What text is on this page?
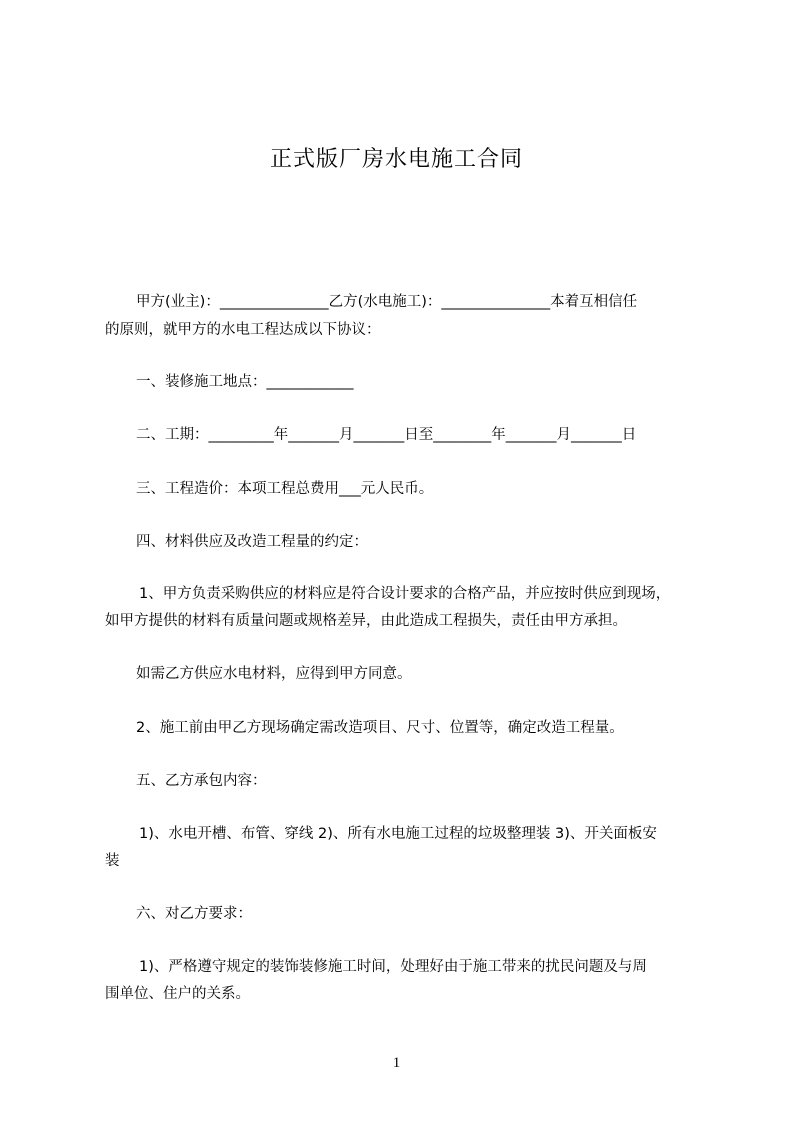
正式版厂房水电施工合同
甲方(业主)：_______________乙方(水电施工)：_______________本着互相信任
的原则，就甲方的水电工程达成以下协议：
一、装修施工地点：____________
二、工期：_________年_______月_______日至________年_______月_______日
三、工程造价：本项工程总费用___元人民币。
四、材料供应及改造工程量的约定：
1、甲方负责采购供应的材料应是符合设计要求的合格产品，并应按时供应到现场，
如甲方提供的材料有质量问题或规格差异，由此造成工程损失，责任由甲方承担。
如需乙方供应水电材料，应得到甲方同意。
2、施工前由甲乙方现场确定需改造项目、尺寸、位置等，确定改造工程量。
五、乙方承包内容：
1)、水电开槽、布管、穿线 2)、所有水电施工过程的垃圾整理装 3)、开关面板安
装
六、对乙方要求：
1)、严格遵守规定的装饰装修施工时间，处理好由于施工带来的扰民问题及与周
围单位、住户的关系。
1
